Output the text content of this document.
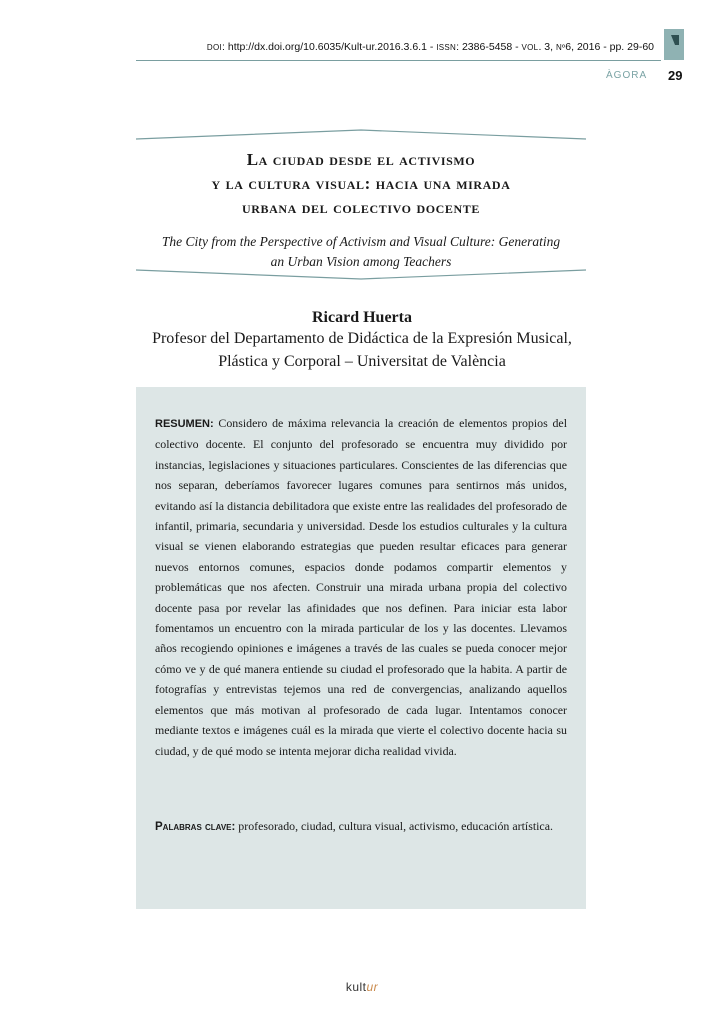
DOI: http://dx.doi.org/10.6035/Kult-ur.2016.3.6.1 - ISSN: 2386-5458 - VOL. 3, Nº6, 2016 - pp. 29-60
ÀGORA 29
La ciudad desde el activismo
y la cultura visual: hacia una mirada
urbana del colectivo docente
The City from the Perspective of Activism and Visual Culture: Generating
an Urban Vision among Teachers
Ricard Huerta
Profesor del Departamento de Didáctica de la Expresión Musical,
Plástica y Corporal – Universitat de València
RESUMEN: Considero de máxima relevancia la creación de elementos propios del colectivo docente. El conjunto del profesorado se encuentra muy dividido por instancias, legislaciones y situaciones particulares. Conscientes de las diferencias que nos separan, deberíamos favorecer lugares comunes para sentirnos más unidos, evitando así la distancia debilitadora que existe entre las realidades del profesorado de infantil, primaria, secundaria y universidad. Desde los estudios culturales y la cultura visual se vienen elaborando estrategias que pueden resultar eficaces para generar nuevos entornos comunes, espacios donde podamos compartir elementos y problemáticas que nos afecten. Construir una mirada urbana propia del colectivo docente pasa por revelar las afinidades que nos definen. Para iniciar esta labor fomentamos un encuentro con la mirada particular de los y las docentes. Llevamos años recogiendo opiniones e imágenes a través de las cuales se pueda conocer mejor cómo ve y de qué manera entiende su ciudad el profesorado que la habita. A partir de fotografías y entrevistas tejemos una red de convergencias, analizando aquellos elementos que más motivan al profesorado de cada lugar. Intentamos conocer mediante textos e imágenes cuál es la mirada que vierte el colectivo docente hacia su ciudad, y de qué modo se intenta mejorar dicha realidad vivida.
Palabras clave: profesorado, ciudad, cultura visual, activismo, educación artística.
kultur
